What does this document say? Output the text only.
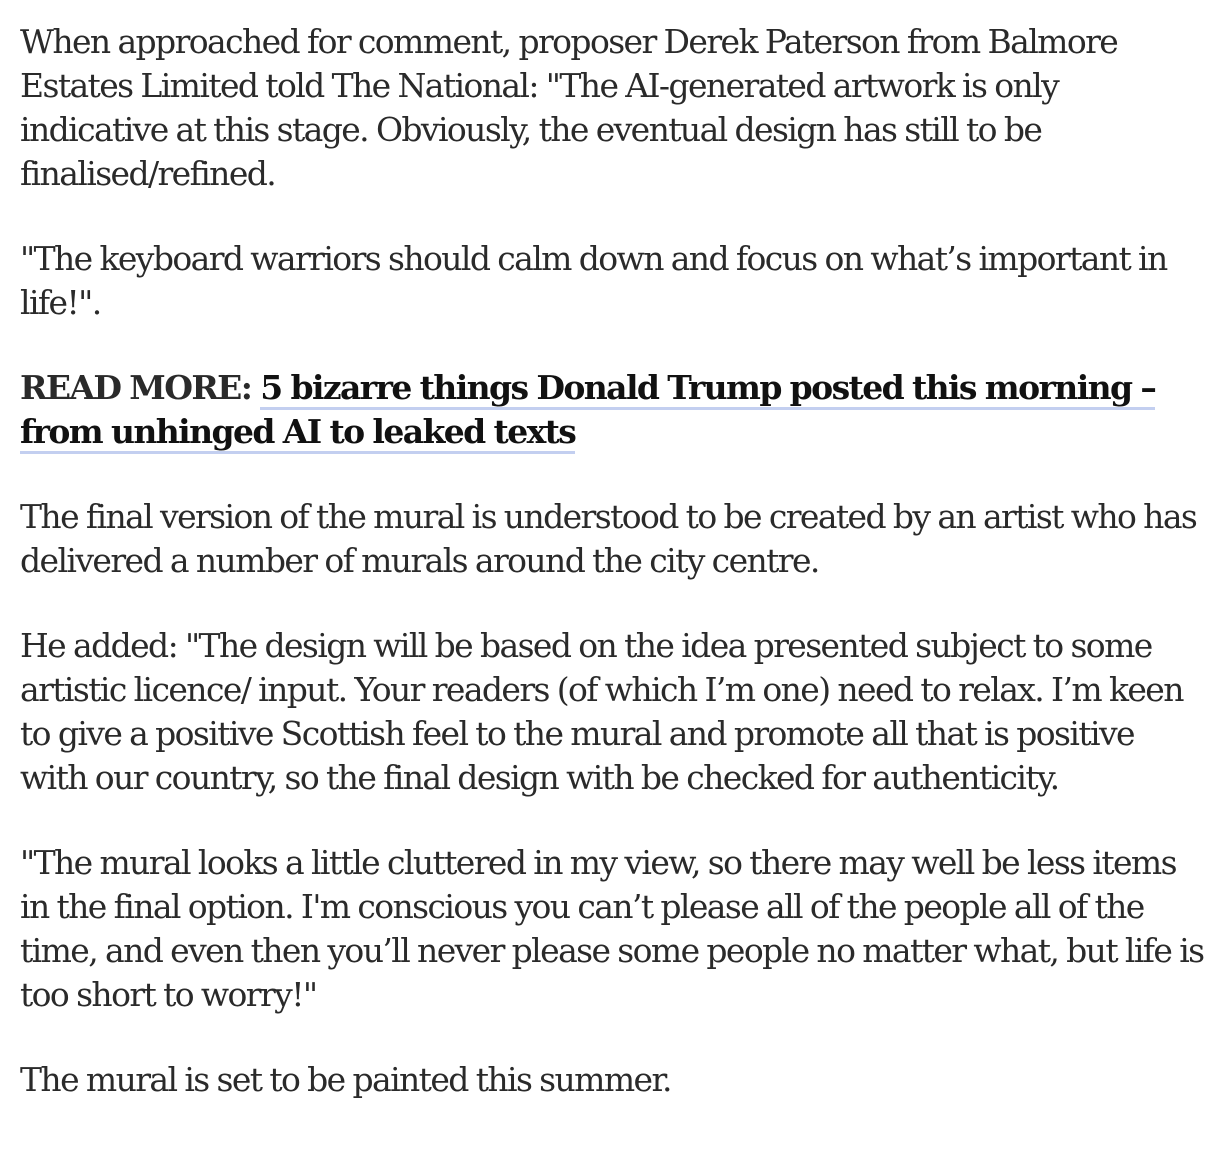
When approached for comment, proposer Derek Paterson from Balmore Estates Limited told The National: "The AI-generated artwork is only indicative at this stage. Obviously, the eventual design has still to be finalised/refined.

"The keyboard warriors should calm down and focus on what’s important in life!".

READ MORE: 5 bizarre things Donald Trump posted this morning – from unhinged AI to leaked texts

The final version of the mural is understood to be created by an artist who has delivered a number of murals around the city centre.

He added: "The design will be based on the idea presented subject to some artistic licence/ input. Your readers (of which I’m one) need to relax. I’m keen to give a positive Scottish feel to the mural and promote all that is positive with our country, so the final design with be checked for authenticity.

"The mural looks a little cluttered in my view, so there may well be less items in the final option. I'm conscious you can’t please all of the people all of the time, and even then you’ll never please some people no matter what, but life is too short to worry!"

The mural is set to be painted this summer.
